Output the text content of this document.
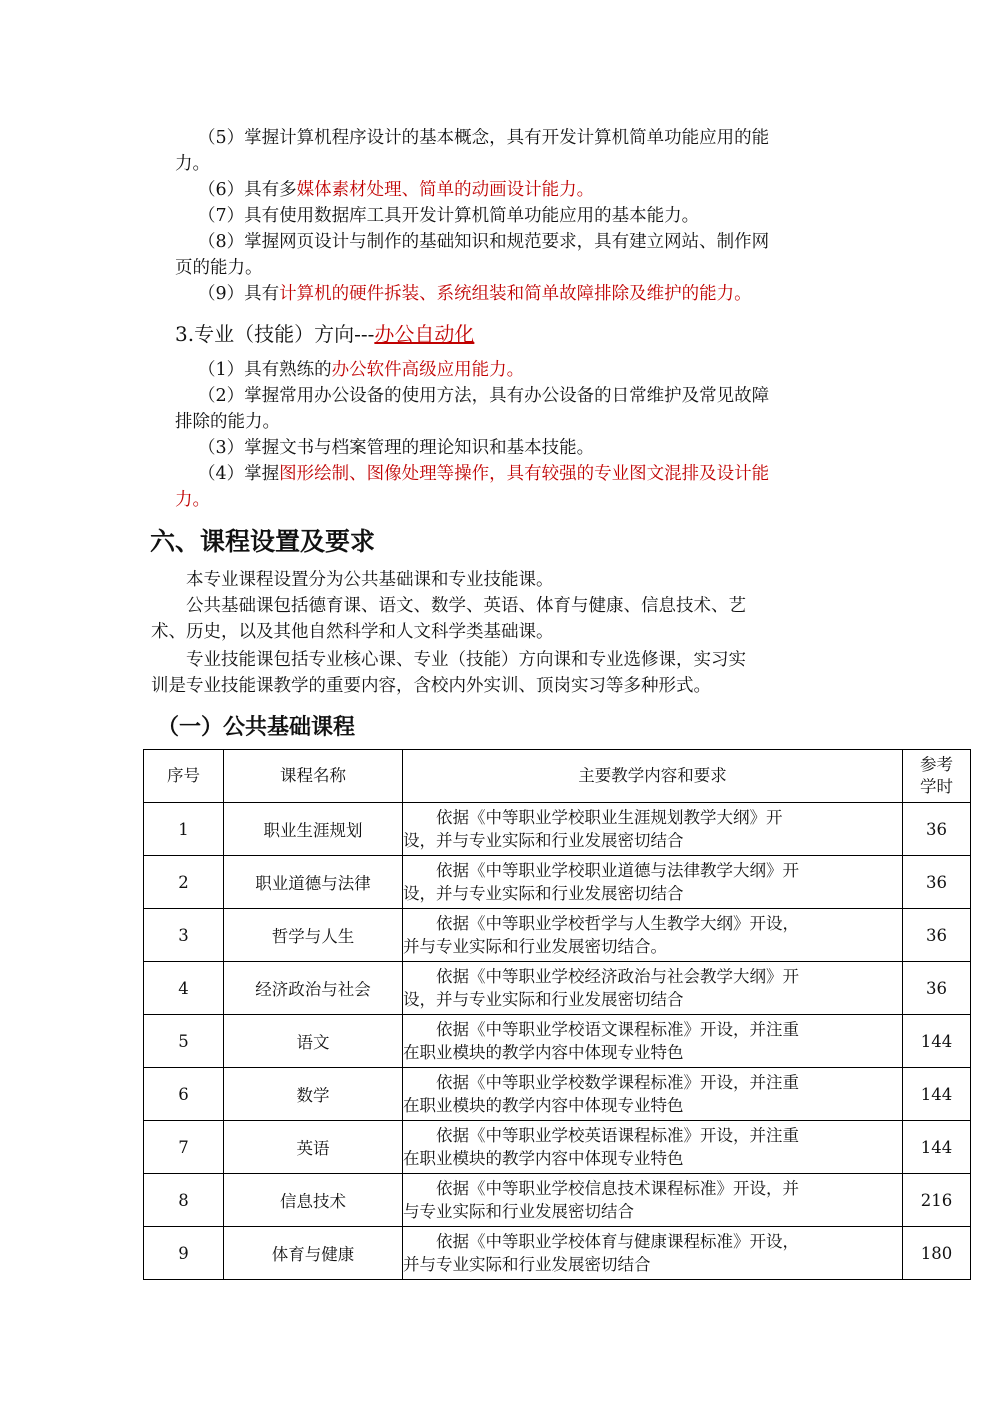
（5）掌握计算机程序设计的基本概念，具有开发计算机简单功能应用的能
力。
（6）具有多媒体素材处理、简单的动画设计能力。
（7）具有使用数据库工具开发计算机简单功能应用的基本能力。
（8）掌握网页设计与制作的基础知识和规范要求，具有建立网站、制作网
页的能力。
（9）具有计算机的硬件拆装、系统组装和简单故障排除及维护的能力。
3.专业（技能）方向---办公自动化
（1）具有熟练的办公软件高级应用能力。
（2）掌握常用办公设备的使用方法，具有办公设备的日常维护及常见故障
排除的能力。
（3）掌握文书与档案管理的理论知识和基本技能。
（4）掌握图形绘制、图像处理等操作，具有较强的专业图文混排及设计能
力。
六、课程设置及要求
本专业课程设置分为公共基础课和专业技能课。
公共基础课包括德育课、语文、数学、英语、体育与健康、信息技术、艺
术、历史，以及其他自然科学和人文科学类基础课。
专业技能课包括专业核心课、专业（技能）方向课和专业选修课，实习实
训是专业技能课教学的重要内容，含校内外实训、顶岗实习等多种形式。
（一）公共基础课程
序号	课程名称	主要教学内容和要求	参考
学时
1	职业生涯规划	　　依据《中等职业学校职业生涯规划教学大纲》开
设，并与专业实际和行业发展密切结合	36
2	职业道德与法律	　　依据《中等职业学校职业道德与法律教学大纲》开
设，并与专业实际和行业发展密切结合	36
3	哲学与人生	　　依据《中等职业学校哲学与人生教学大纲》开设，
并与专业实际和行业发展密切结合。	36
4	经济政治与社会	　　依据《中等职业学校经济政治与社会教学大纲》开
设，并与专业实际和行业发展密切结合	36
5	语文	　　依据《中等职业学校语文课程标准》开设，并注重
在职业模块的教学内容中体现专业特色	144
6	数学	　　依据《中等职业学校数学课程标准》开设，并注重
在职业模块的教学内容中体现专业特色	144
7	英语	　　依据《中等职业学校英语课程标准》开设，并注重
在职业模块的教学内容中体现专业特色	144
8	信息技术	　　依据《中等职业学校信息技术课程标准》开设，并
与专业实际和行业发展密切结合	216
9	体育与健康	　　依据《中等职业学校体育与健康课程标准》开设，
并与专业实际和行业发展密切结合	180
